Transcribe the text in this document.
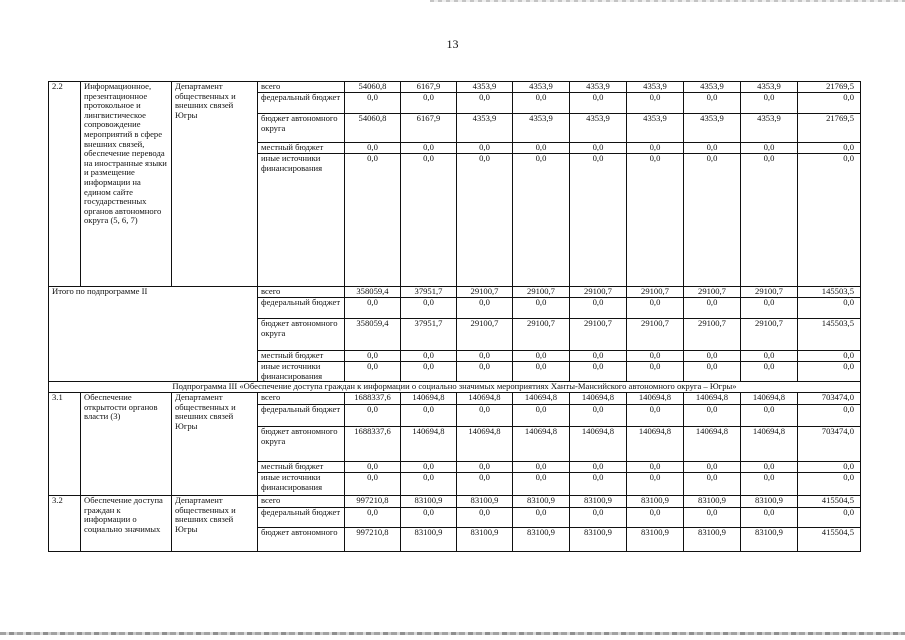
13
2.2	Информационное, презентационное протокольное и лингвистическое сопровождение мероприятий в сфере внешних связей, обеспечение перевода на иностранные языки и размещение информации на едином сайте государственных органов автономного округа (5, 6, 7)	Департамент общественных и внешних связей Югры	всего	54060,8	6167,9	4353,9	4353,9	4353,9	4353,9	4353,9	4353,9	21769,5
			федеральный бюджет	0,0	0,0	0,0	0,0	0,0	0,0	0,0	0,0	0,0
			бюджет автономного округа	54060,8	6167,9	4353,9	4353,9	4353,9	4353,9	4353,9	4353,9	21769,5
			местный бюджет	0,0	0,0	0,0	0,0	0,0	0,0	0,0	0,0	0,0
			иные источники финансирования	0,0	0,0	0,0	0,0	0,0	0,0	0,0	0,0	0,0
Итого по подпрограмме II			всего	358059,4	37951,7	29100,7	29100,7	29100,7	29100,7	29100,7	29100,7	145503,5
			федеральный бюджет	0,0	0,0	0,0	0,0	0,0	0,0	0,0	0,0	0,0
			бюджет автономного округа	358059,4	37951,7	29100,7	29100,7	29100,7	29100,7	29100,7	29100,7	145503,5
			местный бюджет	0,0	0,0	0,0	0,0	0,0	0,0	0,0	0,0	0,0
			иные источники финансирования	0,0	0,0	0,0	0,0	0,0	0,0	0,0	0,0	0,0
Подпрограмма III «Обеспечение доступа граждан к информации о социально значимых мероприятиях Ханты-Мансийского автономного округа – Югры»												
3.1	Обеспечение открытости органов власти (3)	Департамент общественных и внешних связей Югры	всего	1688337,6	140694,8	140694,8	140694,8	140694,8	140694,8	140694,8	140694,8	703474,0
			федеральный бюджет	0,0	0,0	0,0	0,0	0,0	0,0	0,0	0,0	0,0
			бюджет автономного округа	1688337,6	140694,8	140694,8	140694,8	140694,8	140694,8	140694,8	140694,8	703474,0
			местный бюджет	0,0	0,0	0,0	0,0	0,0	0,0	0,0	0,0	0,0
			иные источники финансирования	0,0	0,0	0,0	0,0	0,0	0,0	0,0	0,0	0,0
3.2	Обеспечение доступа граждан к информации о социально значимых	Департамент общественных и внешних связей Югры	всего	997210,8	83100,9	83100,9	83100,9	83100,9	83100,9	83100,9	83100,9	415504,5
			федеральный бюджет	0,0	0,0	0,0	0,0	0,0	0,0	0,0	0,0	0,0
			бюджет автономного	997210,8	83100,9	83100,9	83100,9	83100,9	83100,9	83100,9	83100,9	415504,5
